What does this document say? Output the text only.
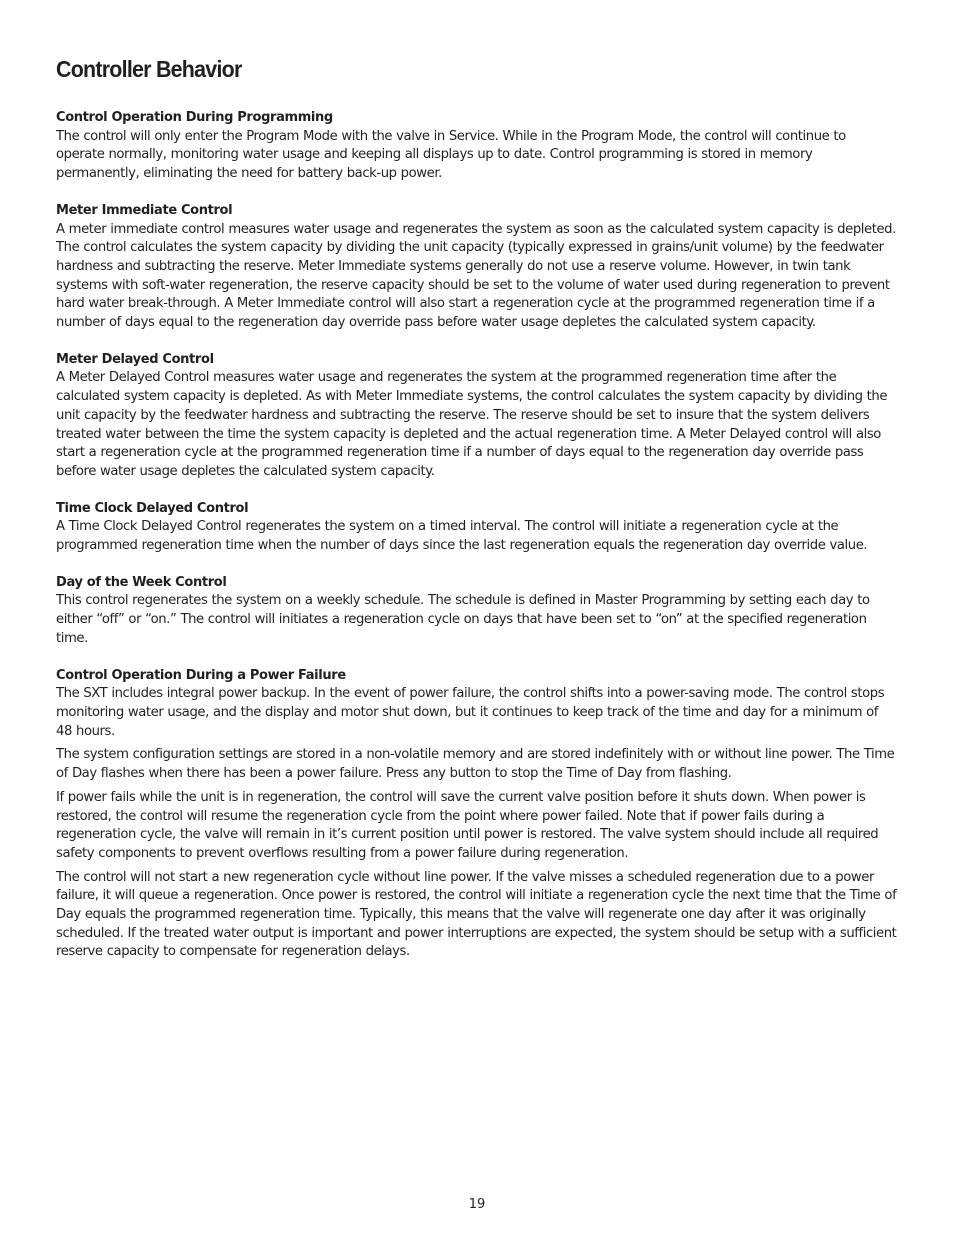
Controller Behavior
Control Operation During Programming

The control will only enter the Program Mode with the valve in Service. While in the Program Mode, the control will continue to operate normally, monitoring water usage and keeping all displays up to date. Control programming is stored in memory permanently, eliminating the need for battery back-up power.

Meter Immediate Control

A meter immediate control measures water usage and regenerates the system as soon as the calculated system capacity is depleted. The control calculates the system capacity by dividing the unit capacity (typically expressed in grains/unit volume) by the feedwater hardness and subtracting the reserve. Meter Immediate systems generally do not use a reserve volume. However, in twin tank systems with soft-water regeneration, the reserve capacity should be set to the volume of water used during regeneration to prevent hard water break-through. A Meter Immediate control will also start a regeneration cycle at the programmed regeneration time if a number of days equal to the regeneration day override pass before water usage depletes the calculated system capacity.

Meter Delayed Control

A Meter Delayed Control measures water usage and regenerates the system at the programmed regeneration time after the calculated system capacity is depleted. As with Meter Immediate systems, the control calculates the system capacity by dividing the unit capacity by the feedwater hardness and subtracting the reserve. The reserve should be set to insure that the system delivers treated water between the time the system capacity is depleted and the actual regeneration time. A Meter Delayed control will also start a regeneration cycle at the programmed regeneration time if a number of days equal to the regeneration day override pass before water usage depletes the calculated system capacity.

Time Clock Delayed Control

A Time Clock Delayed Control regenerates the system on a timed interval. The control will initiate a regeneration cycle at the programmed regeneration time when the number of days since the last regeneration equals the regeneration day override value.

Day of the Week Control

This control regenerates the system on a weekly schedule. The schedule is defined in Master Programming by setting each day to either “off” or “on.” The control will initiates a regeneration cycle on days that have been set to “on” at the specified regeneration time.

Control Operation During a Power Failure

The SXT includes integral power backup. In the event of power failure, the control shifts into a power-saving mode. The control stops monitoring water usage, and the display and motor shut down, but it continues to keep track of the time and day for a minimum of 48 hours.

The system configuration settings are stored in a non-volatile memory and are stored indefinitely with or without line power. The Time of Day flashes when there has been a power failure. Press any button to stop the Time of Day from flashing.

If power fails while the unit is in regeneration, the control will save the current valve position before it shuts down. When power is restored, the control will resume the regeneration cycle from the point where power failed. Note that if power fails during a regeneration cycle, the valve will remain in it’s current position until power is restored. The valve system should include all required safety components to prevent overflows resulting from a power failure during regeneration.

The control will not start a new regeneration cycle without line power. If the valve misses a scheduled regeneration due to a power failure, it will queue a regeneration. Once power is restored, the control will initiate a regeneration cycle the next time that the Time of Day equals the programmed regeneration time. Typically, this means that the valve will regenerate one day after it was originally scheduled. If the treated water output is important and power interruptions are expected, the system should be setup with a sufficient reserve capacity to compensate for regeneration delays.

19
